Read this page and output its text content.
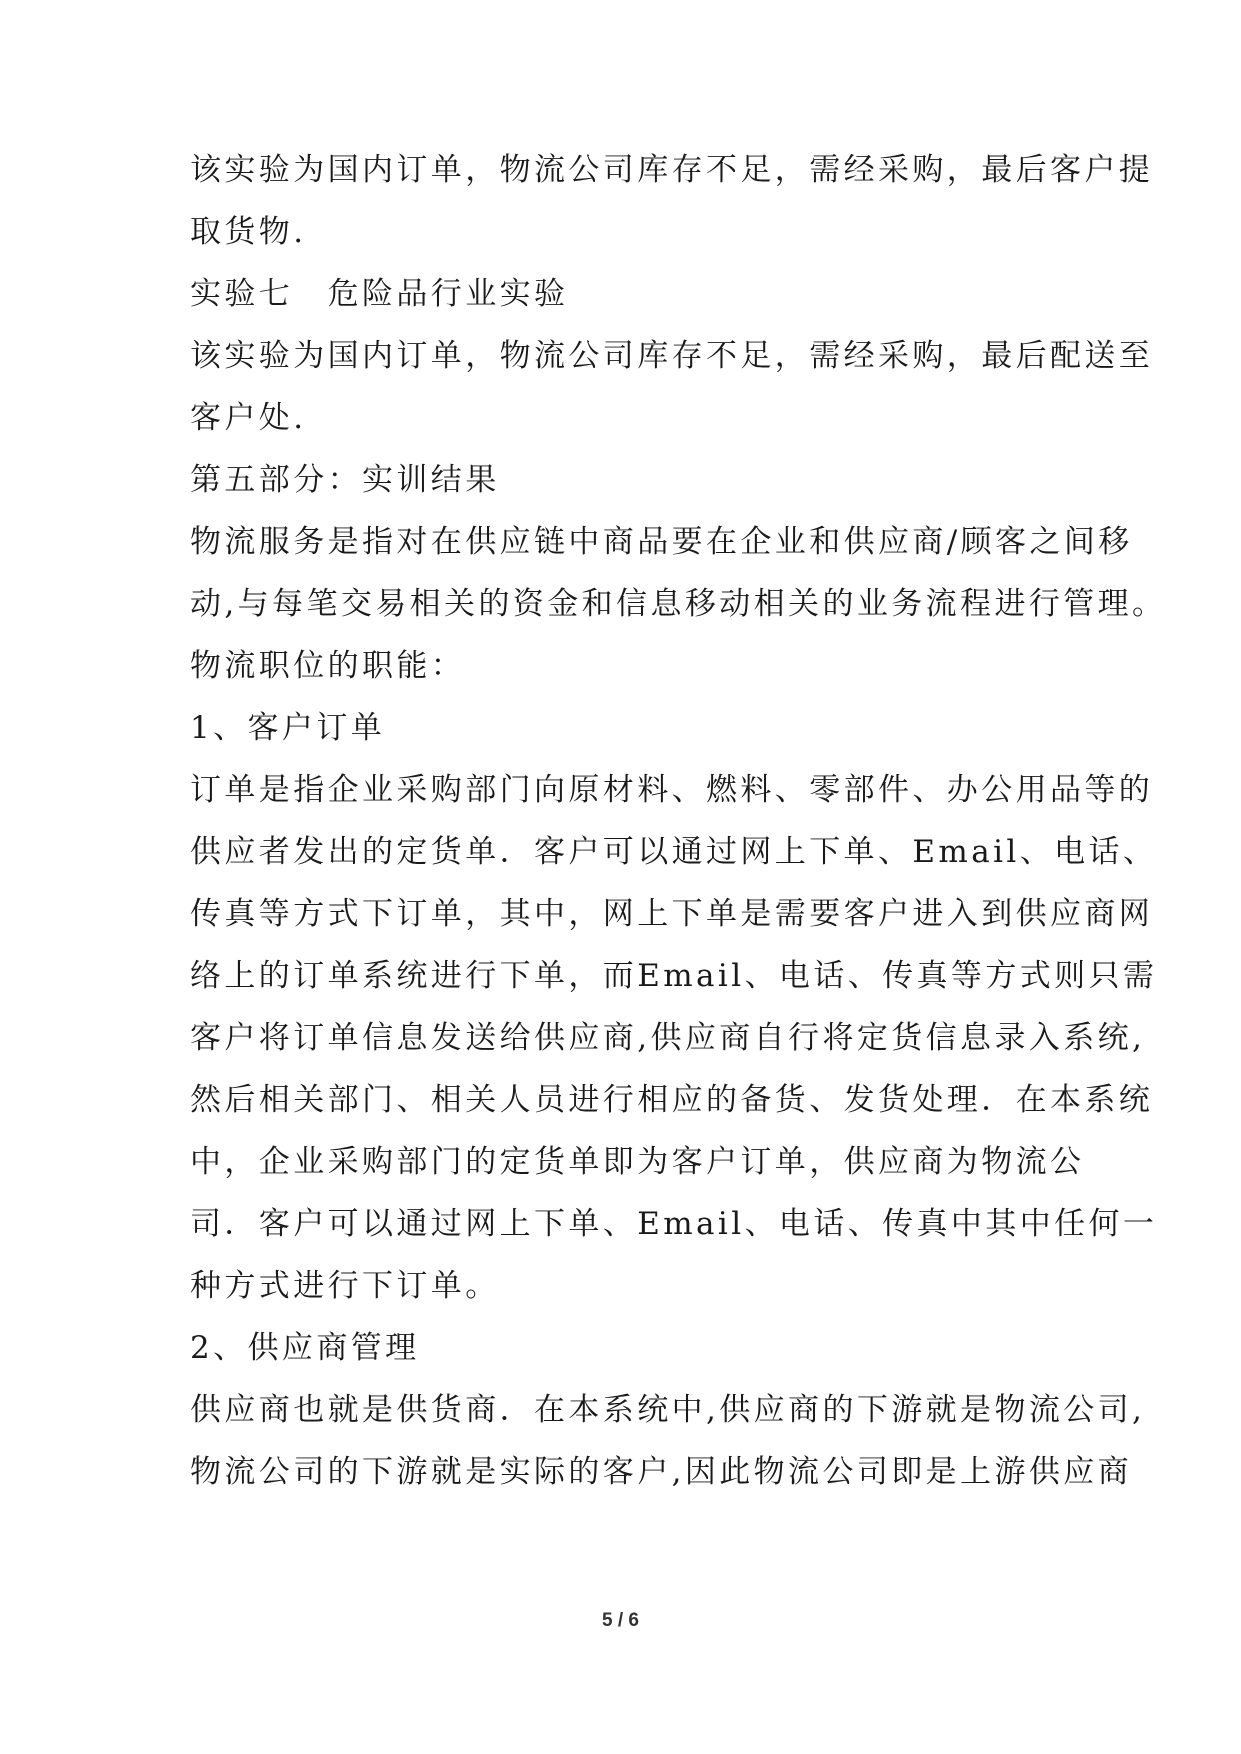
该实验为国内订单，物流公司库存不足，需经采购，最后客户提
取货物.
实验七　危险品行业实验
该实验为国内订单，物流公司库存不足，需经采购，最后配送至
客户处.
第五部分：实训结果
物流服务是指对在供应链中商品要在企业和供应商/顾客之间移
动,与每笔交易相关的资金和信息移动相关的业务流程进行管理。
物流职位的职能：
1、客户订单
订单是指企业采购部门向原材料、燃料、零部件、办公用品等的
供应者发出的定货单．客户可以通过网上下单、Email、电话、
传真等方式下订单，其中，网上下单是需要客户进入到供应商网
络上的订单系统进行下单，而Email、电话、传真等方式则只需
客户将订单信息发送给供应商,供应商自行将定货信息录入系统,
然后相关部门、相关人员进行相应的备货、发货处理．在本系统
中，企业采购部门的定货单即为客户订单，供应商为物流公
司．客户可以通过网上下单、Email、电话、传真中其中任何一
种方式进行下订单。
2、供应商管理
供应商也就是供货商．在本系统中,供应商的下游就是物流公司,
物流公司的下游就是实际的客户,因此物流公司即是上游供应商
5 / 6
